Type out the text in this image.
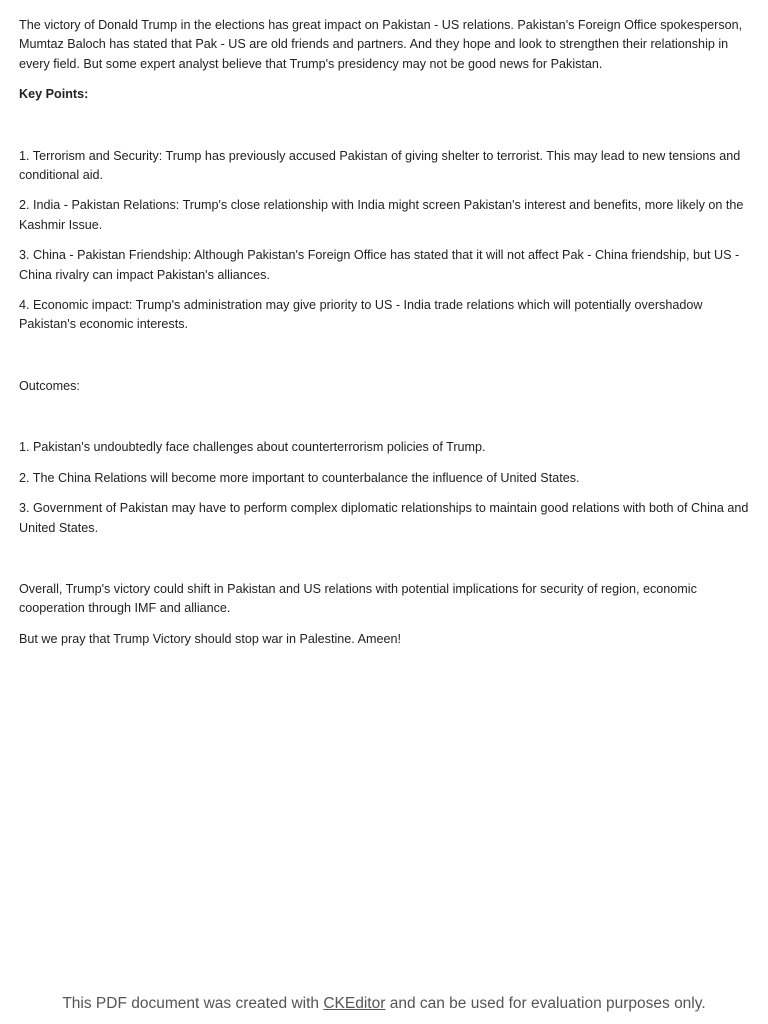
The victory of Donald Trump in the elections has great impact on Pakistan - US relations. Pakistan's Foreign Office spokesperson, Mumtaz Baloch has stated that Pak - US are old friends and partners. And they hope and look to strengthen their relationship in every field. But some expert analyst believe that Trump's presidency may not be good news for Pakistan.

Key Points:

1. Terrorism and Security: Trump has previously accused Pakistan of giving shelter to terrorist. This may lead to new tensions and conditional aid.

2. India - Pakistan Relations: Trump's close relationship with India might screen Pakistan's interest and benefits, more likely on the Kashmir Issue.

3. China - Pakistan Friendship: Although Pakistan's Foreign Office has stated that it will not affect Pak - China friendship, but US - China rivalry can impact Pakistan's alliances.

4. Economic impact: Trump's administration may give priority to US - India trade relations which will potentially overshadow Pakistan's economic interests.

Outcomes:

1. Pakistan's undoubtedly face challenges about counterterrorism policies of Trump.

2. The China Relations will become more important to counterbalance the influence of United States.

3. Government of Pakistan may have to perform complex diplomatic relationships to maintain good relations with both of China and United States.

Overall, Trump's victory could shift in Pakistan and US relations with potential implications for security of region, economic cooperation through IMF and alliance.

But we pray that Trump Victory should stop war in Palestine. Ameen!

This PDF document was created with CKEditor and can be used for evaluation purposes only.
